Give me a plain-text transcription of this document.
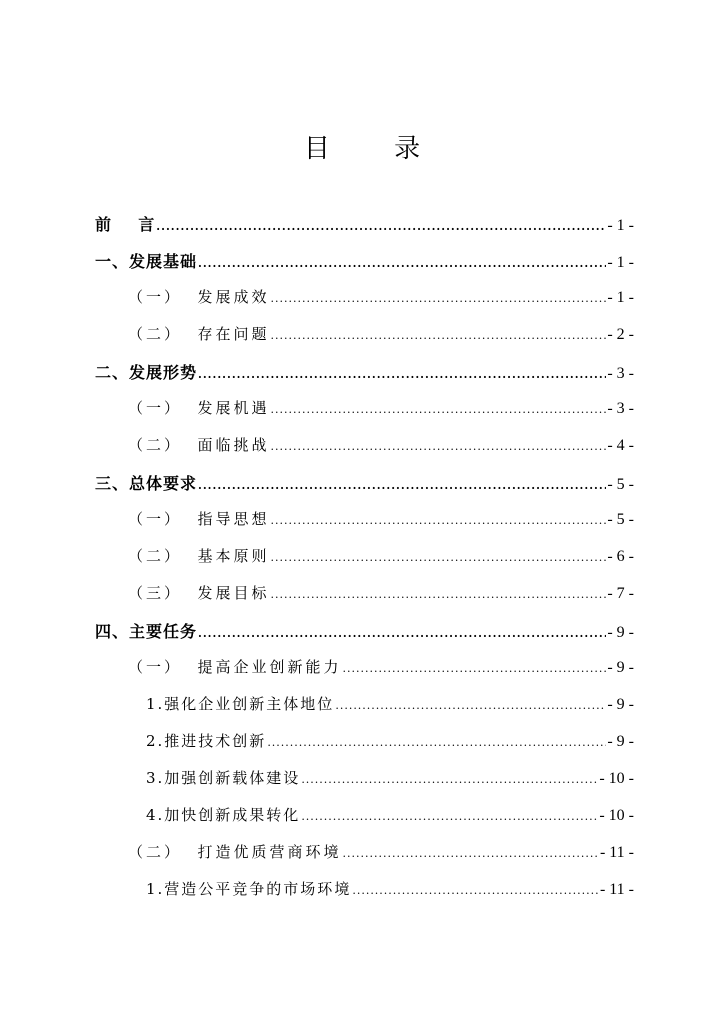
目 录
前    言 .....	- 1 -
一、发展基础 .....	- 1 -
（一）  发展成效 .....	- 1 -
（二）  存在问题 .....	- 2 -
二、发展形势 .....	- 3 -
（一）  发展机遇 .....	- 3 -
（二）  面临挑战 .....	- 4 -
三、总体要求 .....	- 5 -
（一）  指导思想 .....	- 5 -
（二）  基本原则 .....	- 6 -
（三）  发展目标 .....	- 7 -
四、主要任务 .....	- 9 -
（一）  提高企业创新能力 .....	- 9 -
1.强化企业创新主体地位 .....	- 9 -
2.推进技术创新 .....	- 9 -
3.加强创新载体建设 .....	- 10 -
4.加快创新成果转化 .....	- 10 -
（二）  打造优质营商环境 .....	- 11 -
1.营造公平竞争的市场环境 .....	- 11 -
